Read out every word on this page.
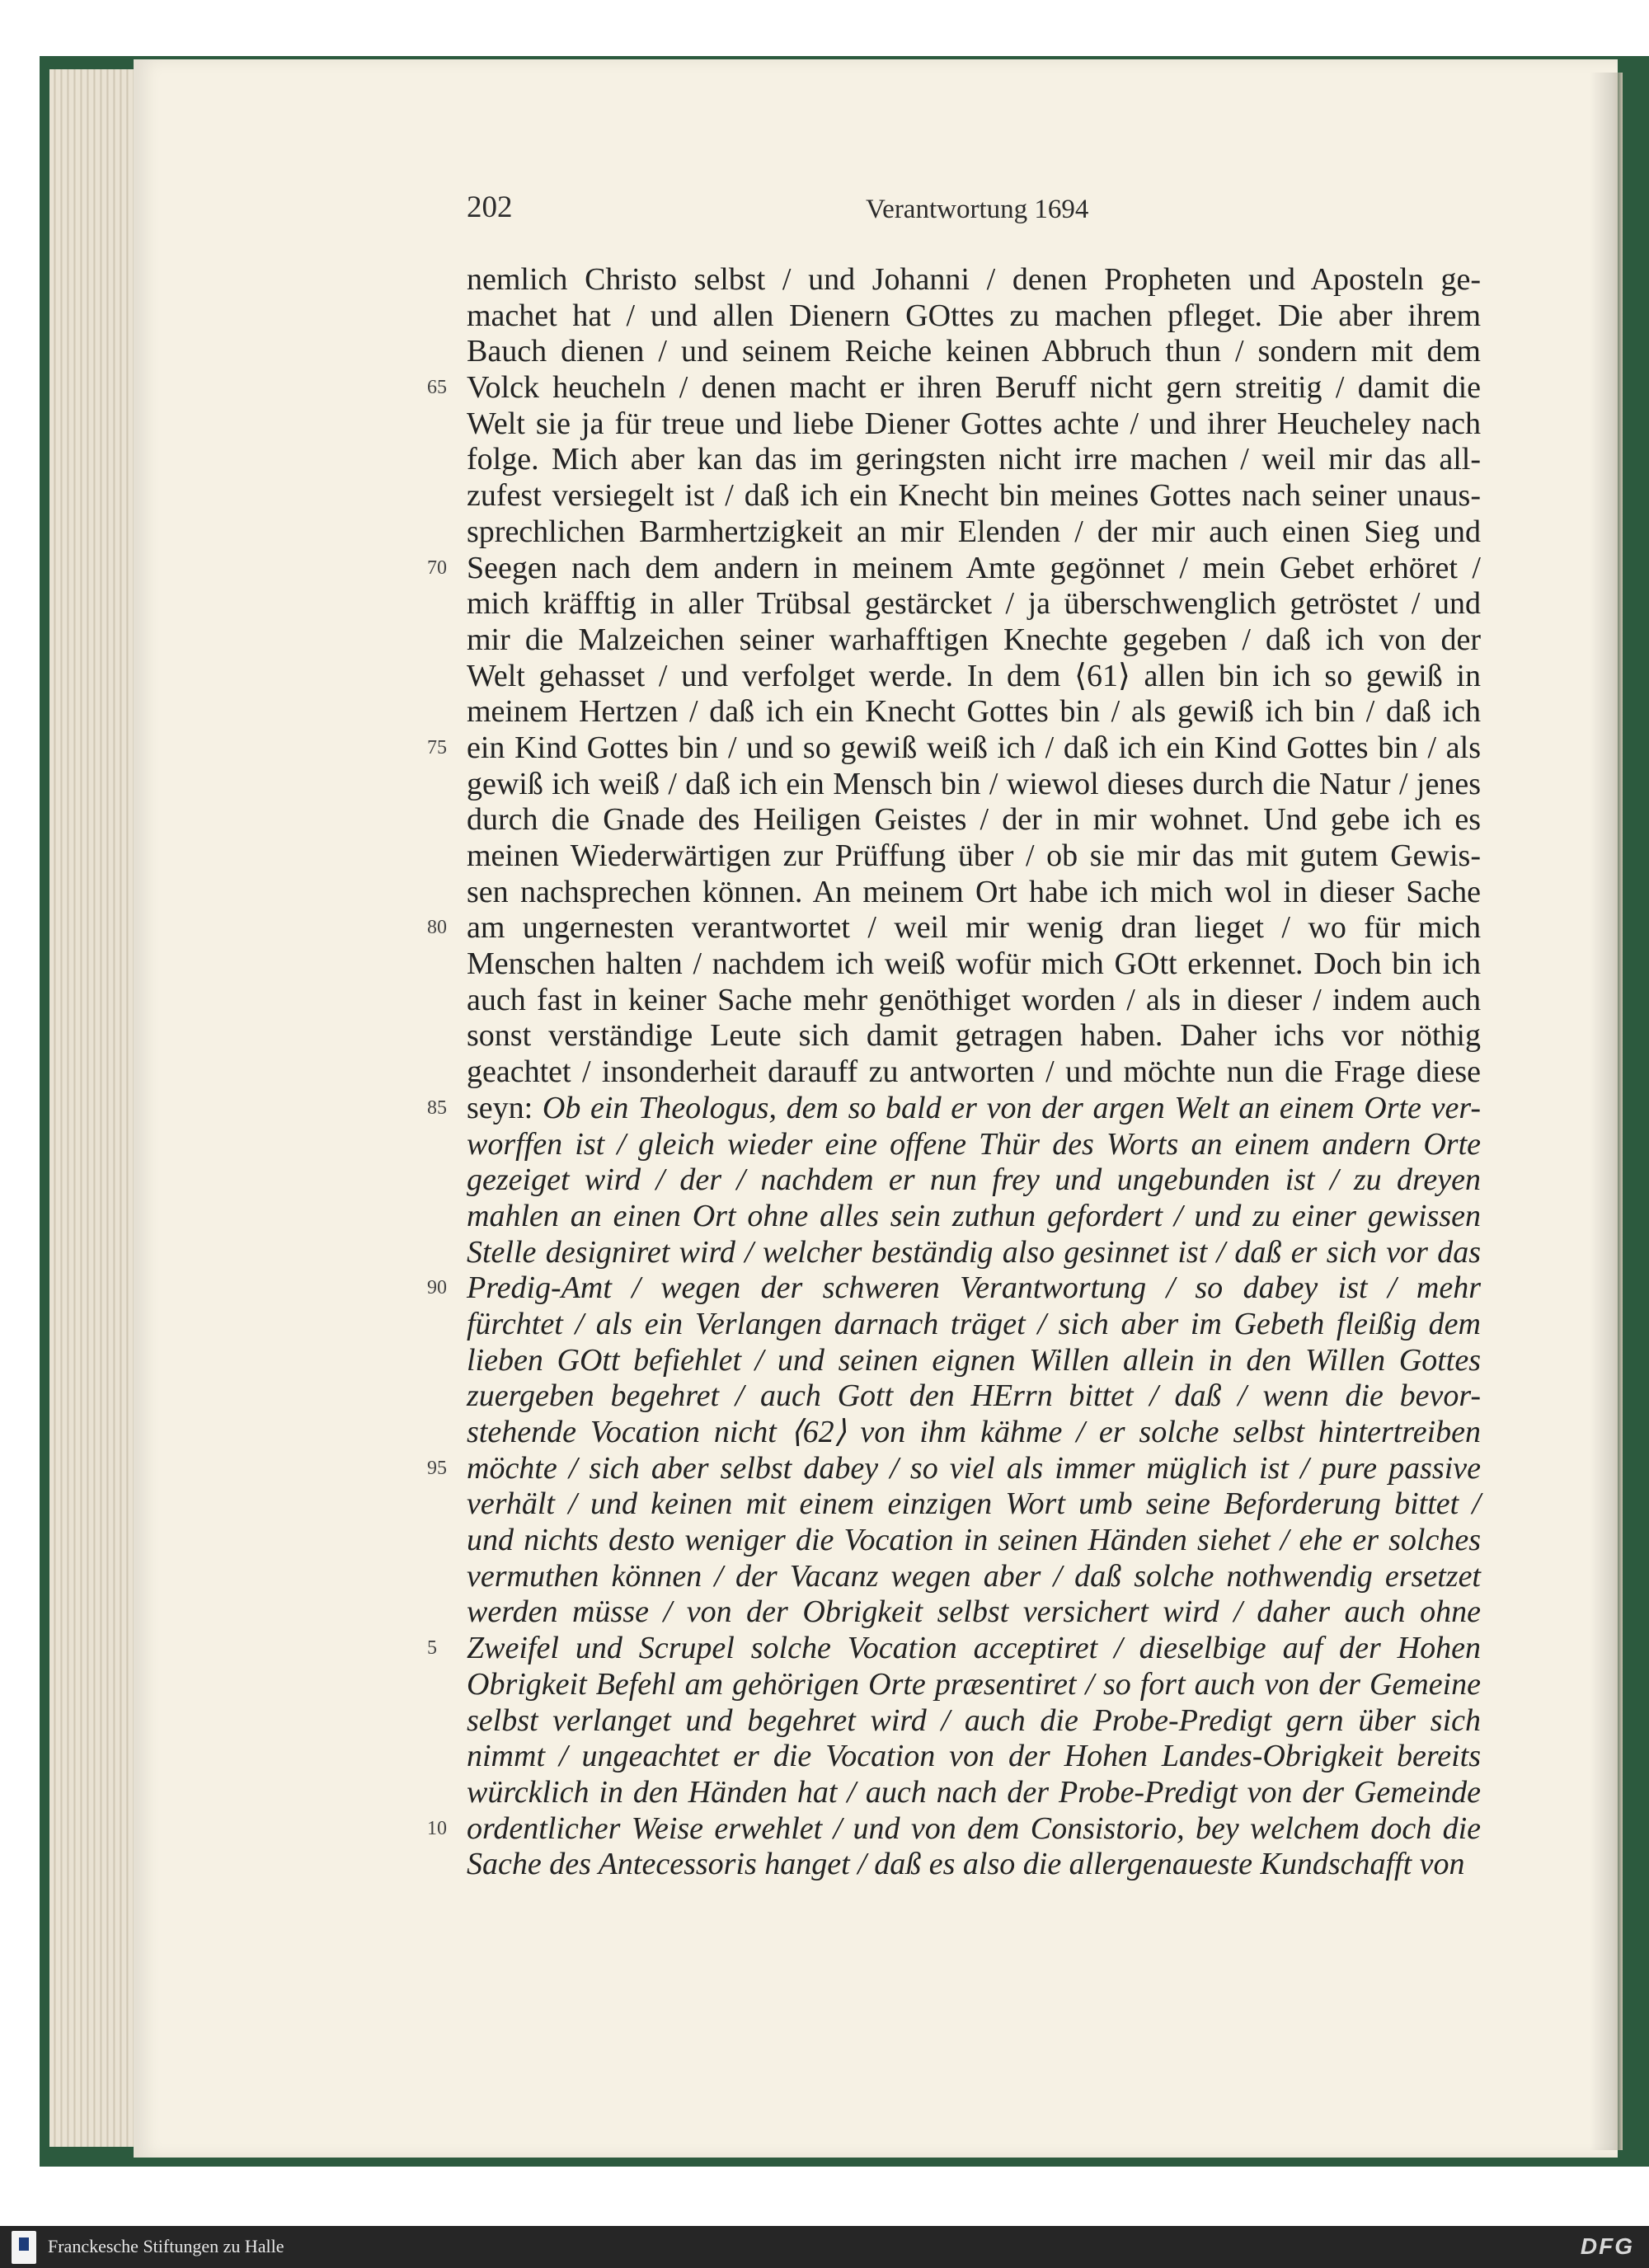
202	Verantwortung 1694
nemlich Christo selbst / und Johanni / denen Propheten und Aposteln ge-
machet hat / und allen Dienern GOttes zu machen pfleget. Die aber ihrem
Bauch dienen / und seinem Reiche keinen Abbruch thun / sondern mit dem
65 Volck heucheln / denen macht er ihren Beruff nicht gern streitig / damit die
Welt sie ja für treue und liebe Diener Gottes achte / und ihrer Heucheley nach
folge. Mich aber kan das im geringsten nicht irre machen / weil mir das all-
zufest versiegelt ist / daß ich ein Knecht bin meines Gottes nach seiner unaus-
sprechlichen Barmhertzigkeit an mir Elenden / der mir auch einen Sieg und
70 Seegen nach dem andern in meinem Amte gegönnet / mein Gebet erhöret /
mich kräfftig in aller Trübsal gestärcket / ja überschwenglich getröstet / und
mir die Malzeichen seiner warhafftigen Knechte gegeben / daß ich von der
Welt gehasset / und verfolget werde. In dem ⟨61⟩ allen bin ich so gewiß in
meinem Hertzen / daß ich ein Knecht Gottes bin / als gewiß ich bin / daß ich
75 ein Kind Gottes bin / und so gewiß weiß ich / daß ich ein Kind Gottes bin / als
gewiß ich weiß / daß ich ein Mensch bin / wiewol dieses durch die Natur / jenes
durch die Gnade des Heiligen Geistes / der in mir wohnet. Und gebe ich es
meinen Wiederwärtigen zur Prüffung über / ob sie mir das mit gutem Gewis-
sen nachsprechen können. An meinem Ort habe ich mich wol in dieser Sache
80 am ungernesten verantwortet / weil mir wenig dran lieget / wo für mich
Menschen halten / nachdem ich weiß wofür mich GOtt erkennet. Doch bin ich
auch fast in keiner Sache mehr genöthiget worden / als in dieser / indem auch
sonst verständige Leute sich damit getragen haben. Daher ichs vor nöthig
geachtet / insonderheit darauff zu antworten / und möchte nun die Frage diese
85 seyn: Ob ein Theologus, dem so bald er von der argen Welt an einem Orte ver-
worffen ist / gleich wieder eine offene Thür des Worts an einem andern Orte
gezeiget wird / der / nachdem er nun frey und ungebunden ist / zu dreyen
mahlen an einen Ort ohne alles sein zuthun gefordert / und zu einer gewissen
Stelle designiret wird / welcher beständig also gesinnet ist / daß er sich vor das
90 Predig-Amt / wegen der schweren Verantwortung / so dabey ist / mehr
fürchtet / als ein Verlangen darnach träget / sich aber im Gebeth fleißig dem
lieben GOtt befiehlet / und seinen eignen Willen allein in den Willen Gottes
zuergeben begehret / auch Gott den HErrn bittet / daß / wenn die bevor-
stehende Vocation nicht ⟨62⟩ von ihm kähme / er solche selbst hintertreiben
95 möchte / sich aber selbst dabey / so viel als immer müglich ist / pure passive
verhält / und keinen mit einem einzigen Wort umb seine Beforderung bittet /
und nichts desto weniger die Vocation in seinen Händen siehet / ehe er solches
vermuthen können / der Vacanz wegen aber / daß solche nothwendig ersetzet
werden müsse / von der Obrigkeit selbst versichert wird / daher auch ohne
5 Zweifel und Scrupel solche Vocation acceptiret / dieselbige auf der Hohen
Obrigkeit Befehl am gehörigen Orte præsentiret / so fort auch von der Gemeine
selbst verlanget und begehret wird / auch die Probe-Predigt gern über sich
nimmt / ungeachtet er die Vocation von der Hohen Landes-Obrigkeit bereits
würcklich in den Händen hat / auch nach der Probe-Predigt von der Gemeinde
10 ordentlicher Weise erwehlet / und von dem Consistorio, bey welchem doch die
Sache des Antecessoris hanget / daß es also die allergenaueste Kundschafft von
Franckesche Stiftungen zu Halle	DFG
